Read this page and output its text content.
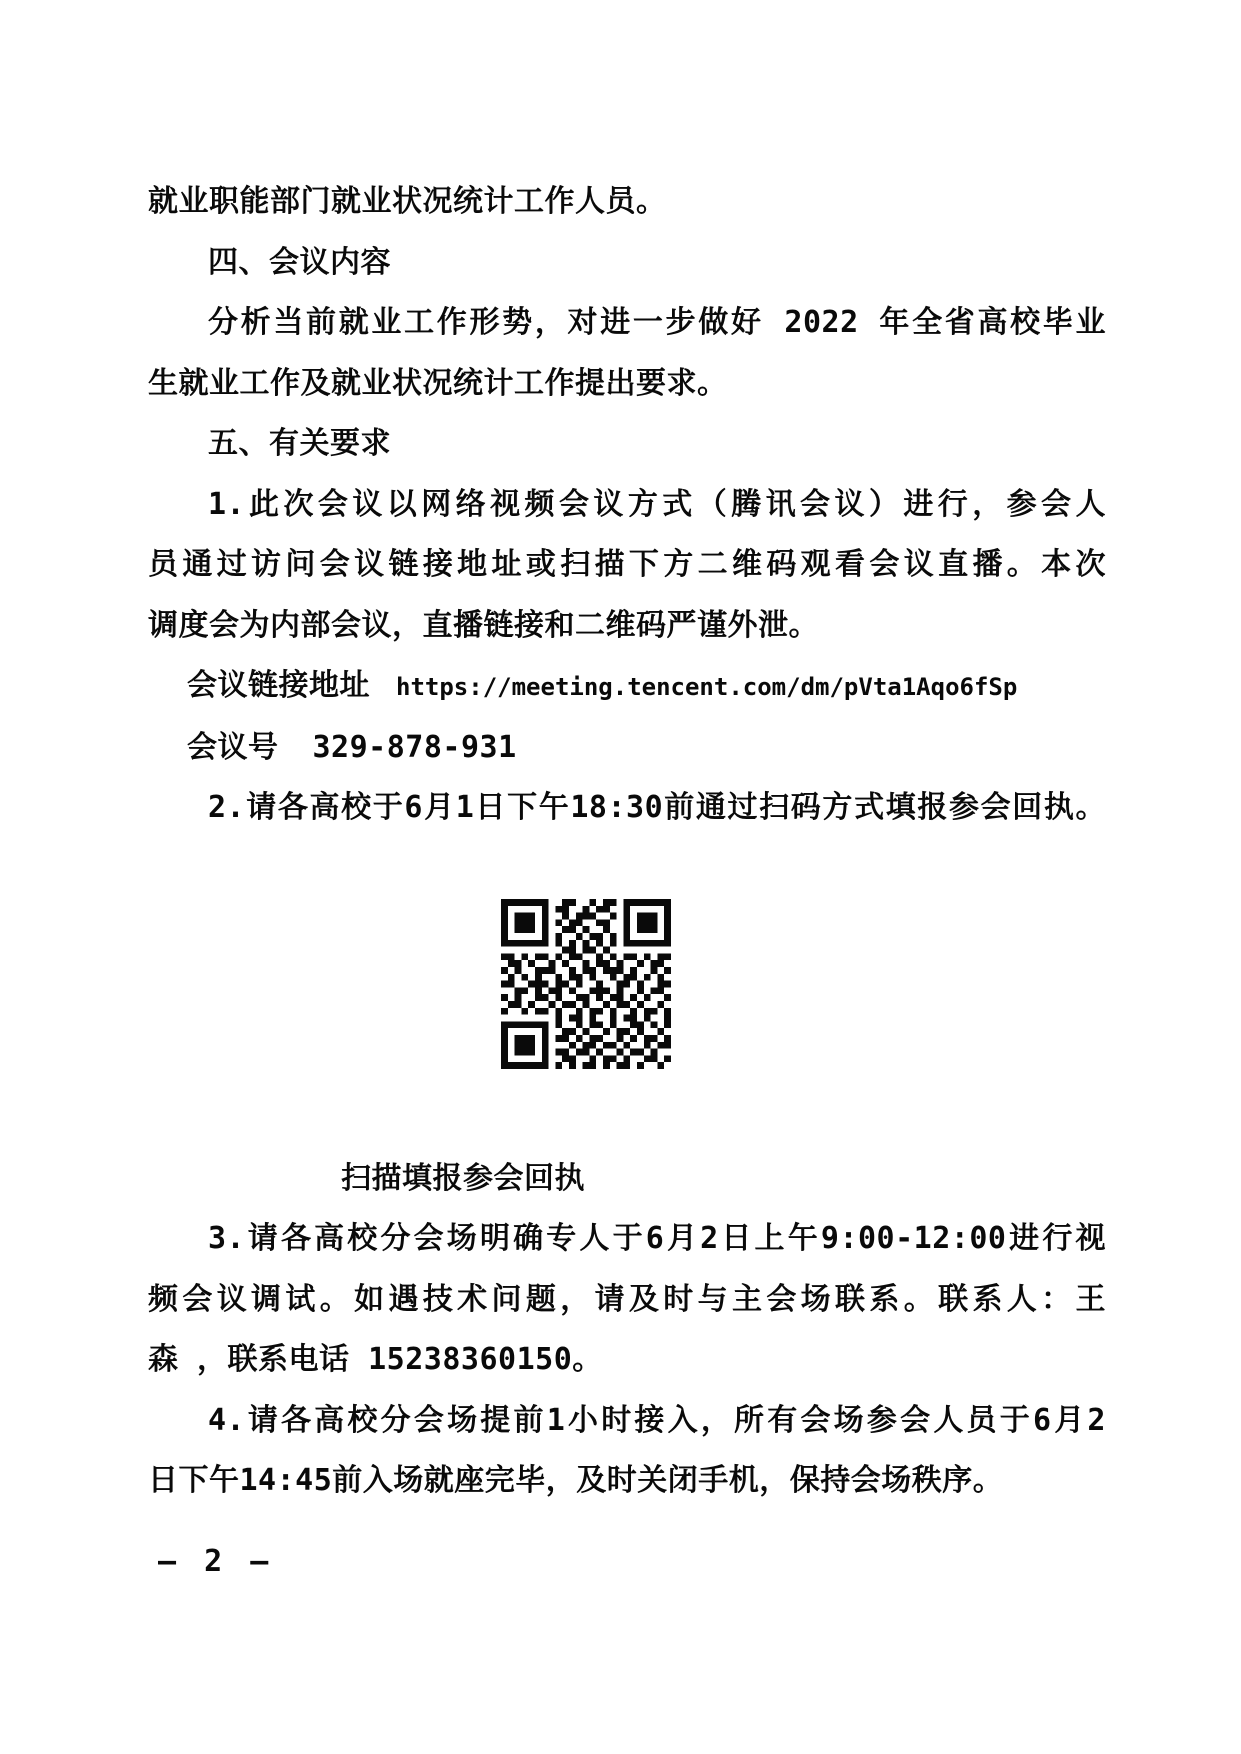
就业职能部门就业状况统计工作人员。

四、会议内容

分析当前就业工作形势，对进一步做好 2022 年全省高校毕业

生就业工作及就业状况统计工作提出要求。

五、有关要求

1.此次会议以网络视频会议方式（腾讯会议）进行，参会人

员通过访问会议链接地址或扫描下方二维码观看会议直播。本次

调度会为内部会议，直播链接和二维码严谨外泄。

会议链接地址 https://meeting.tencent.com/dm/pVta1Aqo6fSp

会议号 329-878-931

2.请各高校于6月1日下午18:30前通过扫码方式填报参会回执。

扫描填报参会回执

3.请各高校分会场明确专人于6月2日上午9:00-12:00进行视

频会议调试。如遇技术问题，请及时与主会场联系。联系人：王

森 ，联系电话 15238360150。

4.请各高校分会场提前1小时接入，所有会场参会人员于6月2

日下午14:45前入场就座完毕，及时关闭手机，保持会场秩序。

— 2 —
